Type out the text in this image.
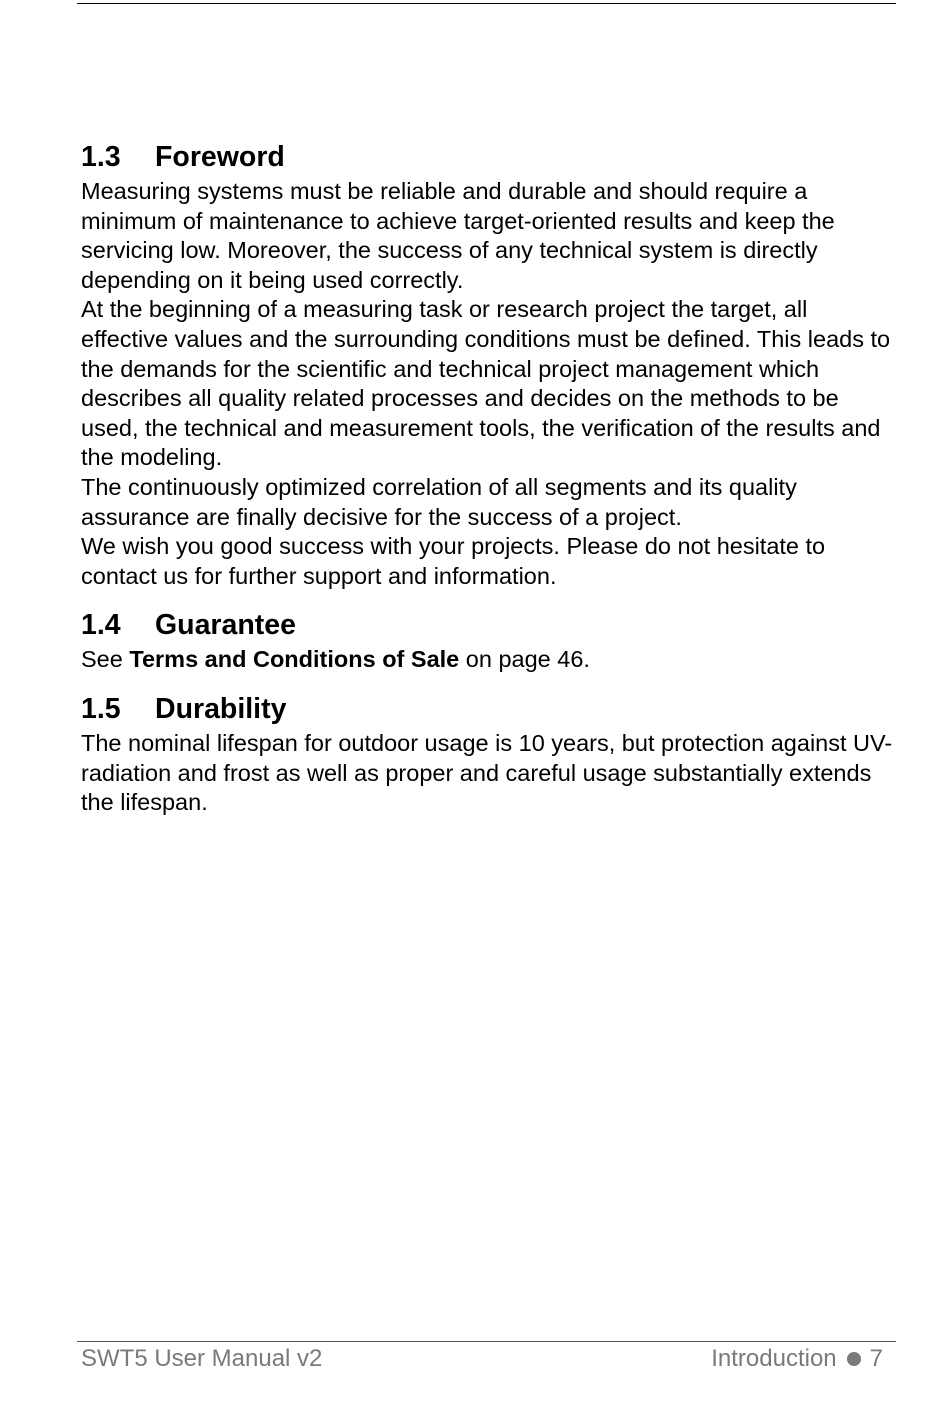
1.3	Foreword

Measuring systems must be reliable and durable and should require a minimum of maintenance to achieve target-oriented results and keep the servicing low. Moreover, the success of any technical system is directly depending on it being used correctly.

At the beginning of a measuring task or research project the target, all effective values and the surrounding conditions must be defined. This leads to the demands for the scientific and technical project management which describes all quality related processes and decides on the methods to be used, the technical and measurement tools, the verification of the results and the modeling.

The continuously optimized correlation of all segments and its quality assurance are finally decisive for the success of a project.

We wish you good success with your projects. Please do not hesitate to contact us for further support and information.

1.4	Guarantee

See Terms and Conditions of Sale on page 46.

1.5	Durability

The nominal lifespan for outdoor usage is 10 years, but protection against UV-radiation and frost as well as proper and careful usage substantially extends the lifespan.

SWT5 User Manual v2	Introduction 7
